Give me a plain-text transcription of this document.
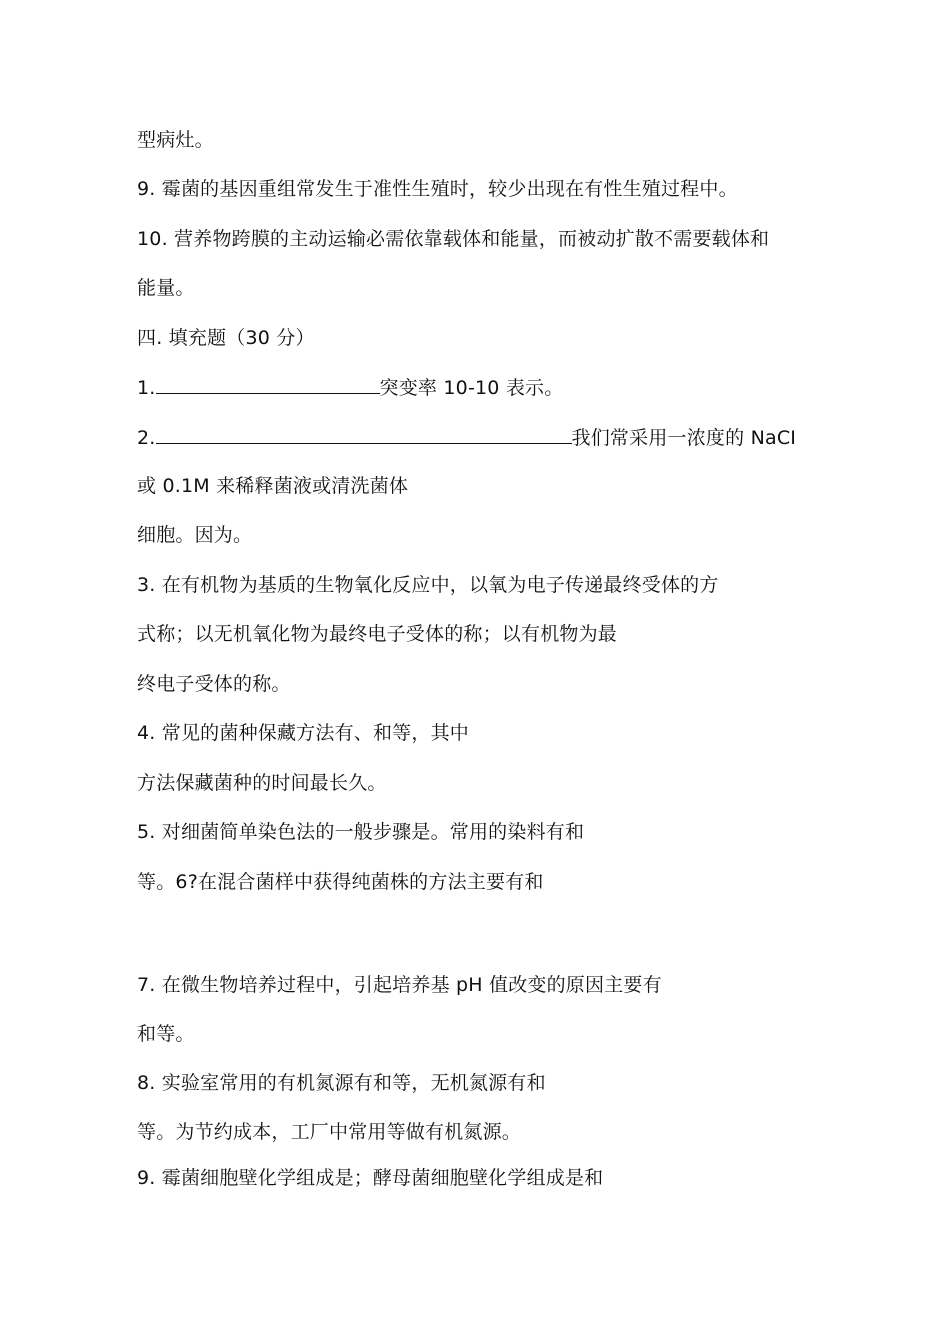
型病灶。
9. 霉菌的基因重组常发生于准性生殖时，较少出现在有性生殖过程中。
10. 营养物跨膜的主动运输必需依靠载体和能量，而被动扩散不需要载体和
能量。
四. 填充题（30 分）
1.	突变率 10-10 表示。
2.	我们常采用一浓度的 NaCI
或 0.1M 来稀释菌液或清洗菌体
细胞。因为。
3. 在有机物为基质的生物氧化反应中，以氧为电子传递最终受体的方
式称；以无机氧化物为最终电子受体的称；以有机物为最
终电子受体的称。
4. 常见的菌种保藏方法有、和等，其中
方法保藏菌种的时间最长久。
5. 对细菌简单染色法的一般步骤是。常用的染料有和
等。6?在混合菌样中获得纯菌株的方法主要有和
7. 在微生物培养过程中，引起培养基 pH 值改变的原因主要有
和等。
8. 实验室常用的有机氮源有和等，无机氮源有和
等。为节约成本，工厂中常用等做有机氮源。
9. 霉菌细胞壁化学组成是；酵母菌细胞壁化学组成是和
